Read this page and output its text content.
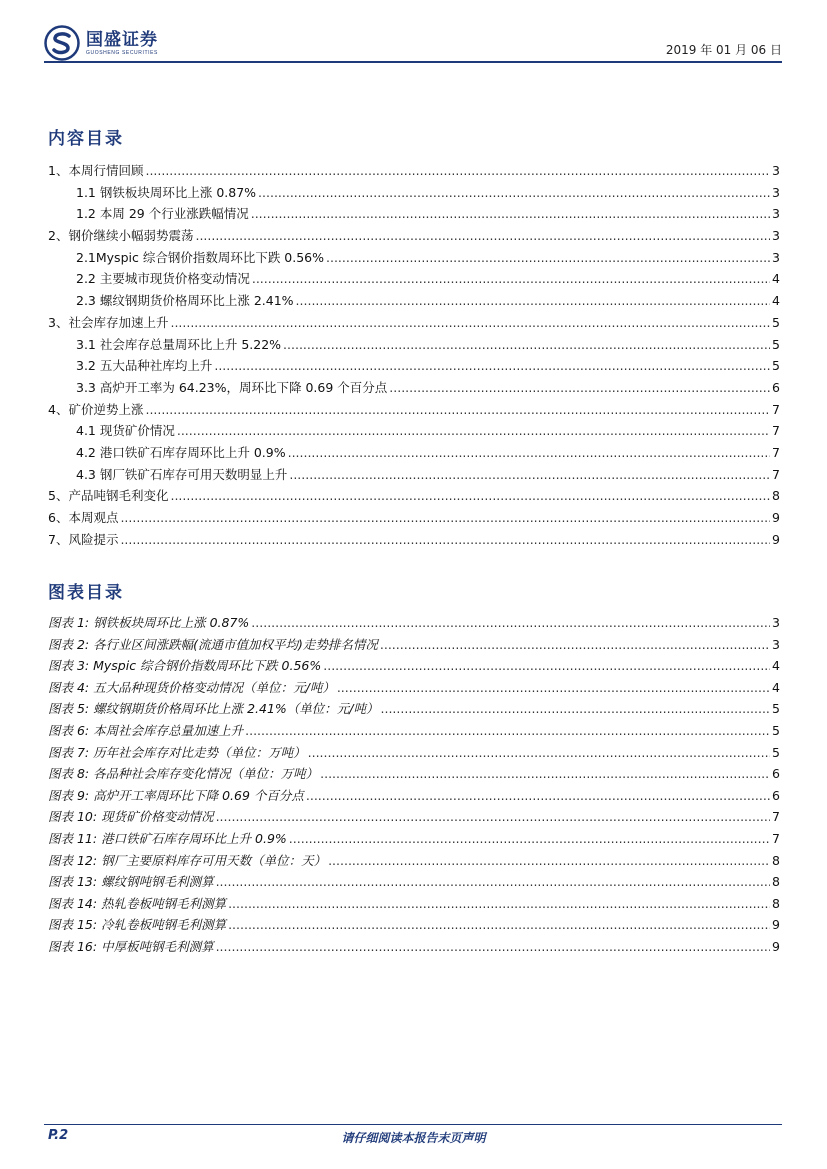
国盛证券
GUOSHENG SECURITIES	2019 年 01 月 06 日
内容目录
1、本周行情回顾 .....	3
1.1 钢铁板块周环比上涨 0.87% .....	3
1.2 本周 29 个行业涨跌幅情况 .....	3
2、钢价继续小幅弱势震荡 .....	3
2.1Myspic 综合钢价指数周环比下跌 0.56% .....	3
2.2 主要城市现货价格变动情况 .....	4
2.3 螺纹钢期货价格周环比上涨 2.41% .....	4
3、社会库存加速上升 .....	5
3.1 社会库存总量周环比上升 5.22% .....	5
3.2 五大品种社库均上升 .....	5
3.3 高炉开工率为 64.23%，周环比下降 0.69 个百分点 .....	6
4、矿价逆势上涨 .....	7
4.1 现货矿价情况 .....	7
4.2 港口铁矿石库存周环比上升 0.9% .....	7
4.3 钢厂铁矿石库存可用天数明显上升 .....	7
5、产品吨钢毛利变化 .....	8
6、本周观点 .....	9
7、风险提示 .....	9
图表目录
图表 1: 钢铁板块周环比上涨 0.87% .....	3
图表 2: 各行业区间涨跌幅(流通市值加权平均)走势排名情况 .....	3
图表 3: Myspic 综合钢价指数周环比下跌 0.56% .....	4
图表 4: 五大品种现货价格变动情况（单位：元/吨） .....	4
图表 5: 螺纹钢期货价格周环比上涨 2.41%（单位：元/吨） .....	5
图表 6: 本周社会库存总量加速上升 .....	5
图表 7: 历年社会库存对比走势（单位：万吨） .....	5
图表 8: 各品种社会库存变化情况（单位：万吨） .....	6
图表 9: 高炉开工率周环比下降 0.69 个百分点 .....	6
图表 10: 现货矿价格变动情况 .....	7
图表 11: 港口铁矿石库存周环比上升 0.9% .....	7
图表 12: 钢厂主要原料库存可用天数（单位：天） .....	8
图表 13: 螺纹钢吨钢毛利测算 .....	8
图表 14: 热轧卷板吨钢毛利测算 .....	8
图表 15: 冷轧卷板吨钢毛利测算 .....	9
图表 16: 中厚板吨钢毛利测算 .....	9
P.2	请仔细阅读本报告末页声明
